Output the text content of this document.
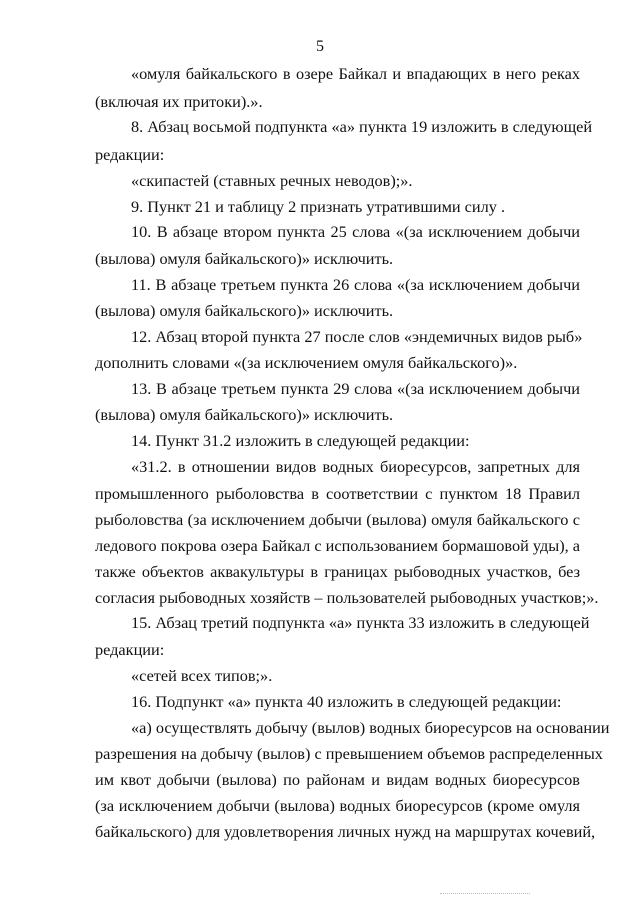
5
«омуля байкальского в озере Байкал и впадающих в него реках
(включая их притоки).».
8. Абзац восьмой подпункта «а» пункта 19 изложить в следующей
редакции:
«скипастей (ставных речных неводов);».
9. Пункт 21 и таблицу 2 признать утратившими силу .
10. В абзаце втором пункта 25 слова «(за исключением добычи
(вылова) омуля байкальского)» исключить.
11. В абзаце третьем пункта 26 слова «(за исключением добычи
(вылова) омуля байкальского)» исключить.
12. Абзац второй пункта 27 после слов «эндемичных видов рыб»
дополнить словами «(за исключением омуля байкальского)».
13. В абзаце третьем пункта 29 слова «(за исключением добычи
(вылова) омуля байкальского)» исключить.
14. Пункт 31.2 изложить в следующей редакции:
«31.2. в отношении видов водных биоресурсов, запретных для
промышленного рыболовства в соответствии с пунктом 18 Правил
рыболовства (за исключением добычи (вылова) омуля байкальского с
ледового покрова озера Байкал с использованием бормашовой уды), а
также объектов аквакультуры в границах рыбоводных участков, без
согласия рыбоводных хозяйств – пользователей рыбоводных участков;».
15. Абзац третий подпункта «а» пункта 33 изложить в следующей
редакции:
«сетей всех типов;».
16. Подпункт «а» пункта 40 изложить в следующей редакции:
«а) осуществлять добычу (вылов) водных биоресурсов на основании
разрешения на добычу (вылов) с превышением объемов распределенных
им квот добычи (вылова) по районам и видам водных биоресурсов
(за исключением добычи (вылова) водных биоресурсов (кроме омуля
байкальского) для удовлетворения личных нужд на маршрутах кочевий,
